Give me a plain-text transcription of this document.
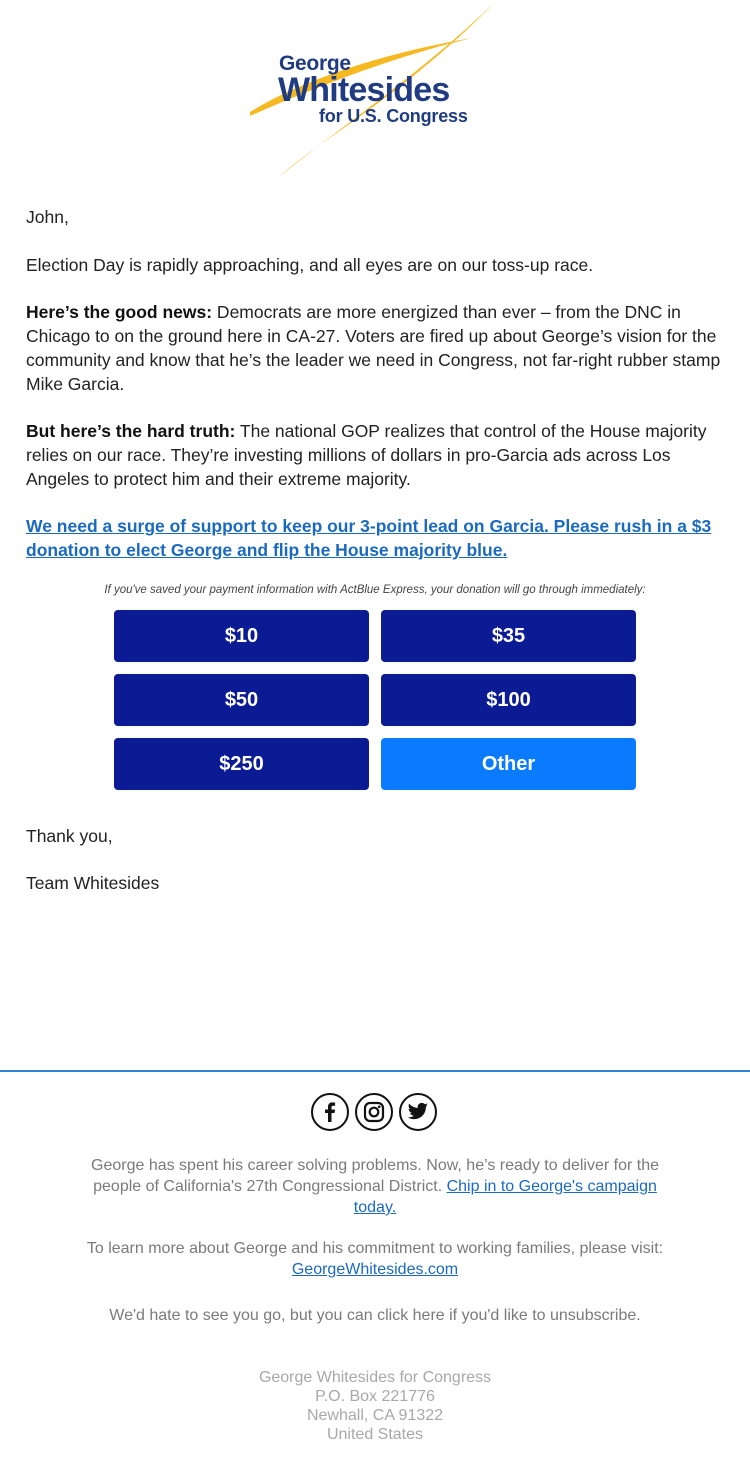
George
Whitesides
for U.S. Congress
John,
Election Day is rapidly approaching, and all eyes are on our toss-up race.
Here’s the good news: Democrats are more energized than ever – from the DNC in Chicago to on the ground here in CA-27. Voters are fired up about George’s vision for the community and know that he’s the leader we need in Congress, not far-right rubber stamp Mike Garcia.
But here’s the hard truth: The national GOP realizes that control of the House majority relies on our race. They’re investing millions of dollars in pro-Garcia ads across Los Angeles to protect him and their extreme majority.
We need a surge of support to keep our 3-point lead on Garcia. Please rush in a $3 donation to elect George and flip the House majority blue.
If you've saved your payment information with ActBlue Express, your donation will go through immediately:
$10	$35
$50	$100
$250	Other
Thank you,
Team Whitesides
George has spent his career solving problems. Now, he’s ready to deliver for the people of California's 27th Congressional District. Chip in to George's campaign today.
To learn more about George and his commitment to working families, please visit:
GeorgeWhitesides.com
We'd hate to see you go, but you can click here if you'd like to unsubscribe.
George Whitesides for Congress
P.O. Box 221776
Newhall, CA 91322
United States
